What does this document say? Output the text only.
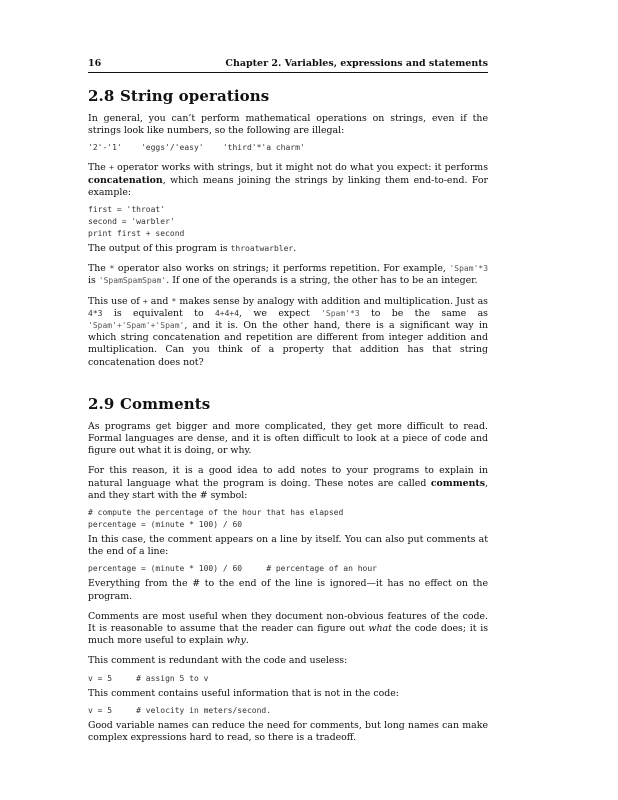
16	Chapter 2. Variables, expressions and statements
2.8 String operations

In general, you can’t perform mathematical operations on strings, even if the strings look like numbers, so the following are illegal:

'2'-'1'    'eggs'/'easy'    'third'*'a charm'

The + operator works with strings, but it might not do what you expect: it performs concatenation, which means joining the strings by linking them end-to-end. For example:

first = 'throat'
second = 'warbler'
print first + second

The output of this program is throatwarbler.

The * operator also works on strings; it performs repetition. For example, 'Spam'*3 is 'SpamSpamSpam'. If one of the operands is a string, the other has to be an integer.

This use of + and * makes sense by analogy with addition and multiplication. Just as 4*3 is equivalent to 4+4+4, we expect 'Spam'*3 to be the same as 'Spam'+'Spam'+'Spam', and it is. On the other hand, there is a significant way in which string concatenation and repetition are different from integer addition and multiplication. Can you think of a property that addition has that string concatenation does not?

2.9 Comments

As programs get bigger and more complicated, they get more difficult to read. Formal languages are dense, and it is often difficult to look at a piece of code and figure out what it is doing, or why.

For this reason, it is a good idea to add notes to your programs to explain in natural language what the program is doing. These notes are called comments, and they start with the # symbol:

# compute the percentage of the hour that has elapsed
percentage = (minute * 100) / 60

In this case, the comment appears on a line by itself. You can also put comments at the end of a line:

percentage = (minute * 100) / 60     # percentage of an hour

Everything from the # to the end of the line is ignored—it has no effect on the program.

Comments are most useful when they document non-obvious features of the code. It is reasonable to assume that the reader can figure out what the code does; it is much more useful to explain why.

This comment is redundant with the code and useless:

v = 5     # assign 5 to v

This comment contains useful information that is not in the code:

v = 5     # velocity in meters/second.

Good variable names can reduce the need for comments, but long names can make complex expressions hard to read, so there is a tradeoff.
